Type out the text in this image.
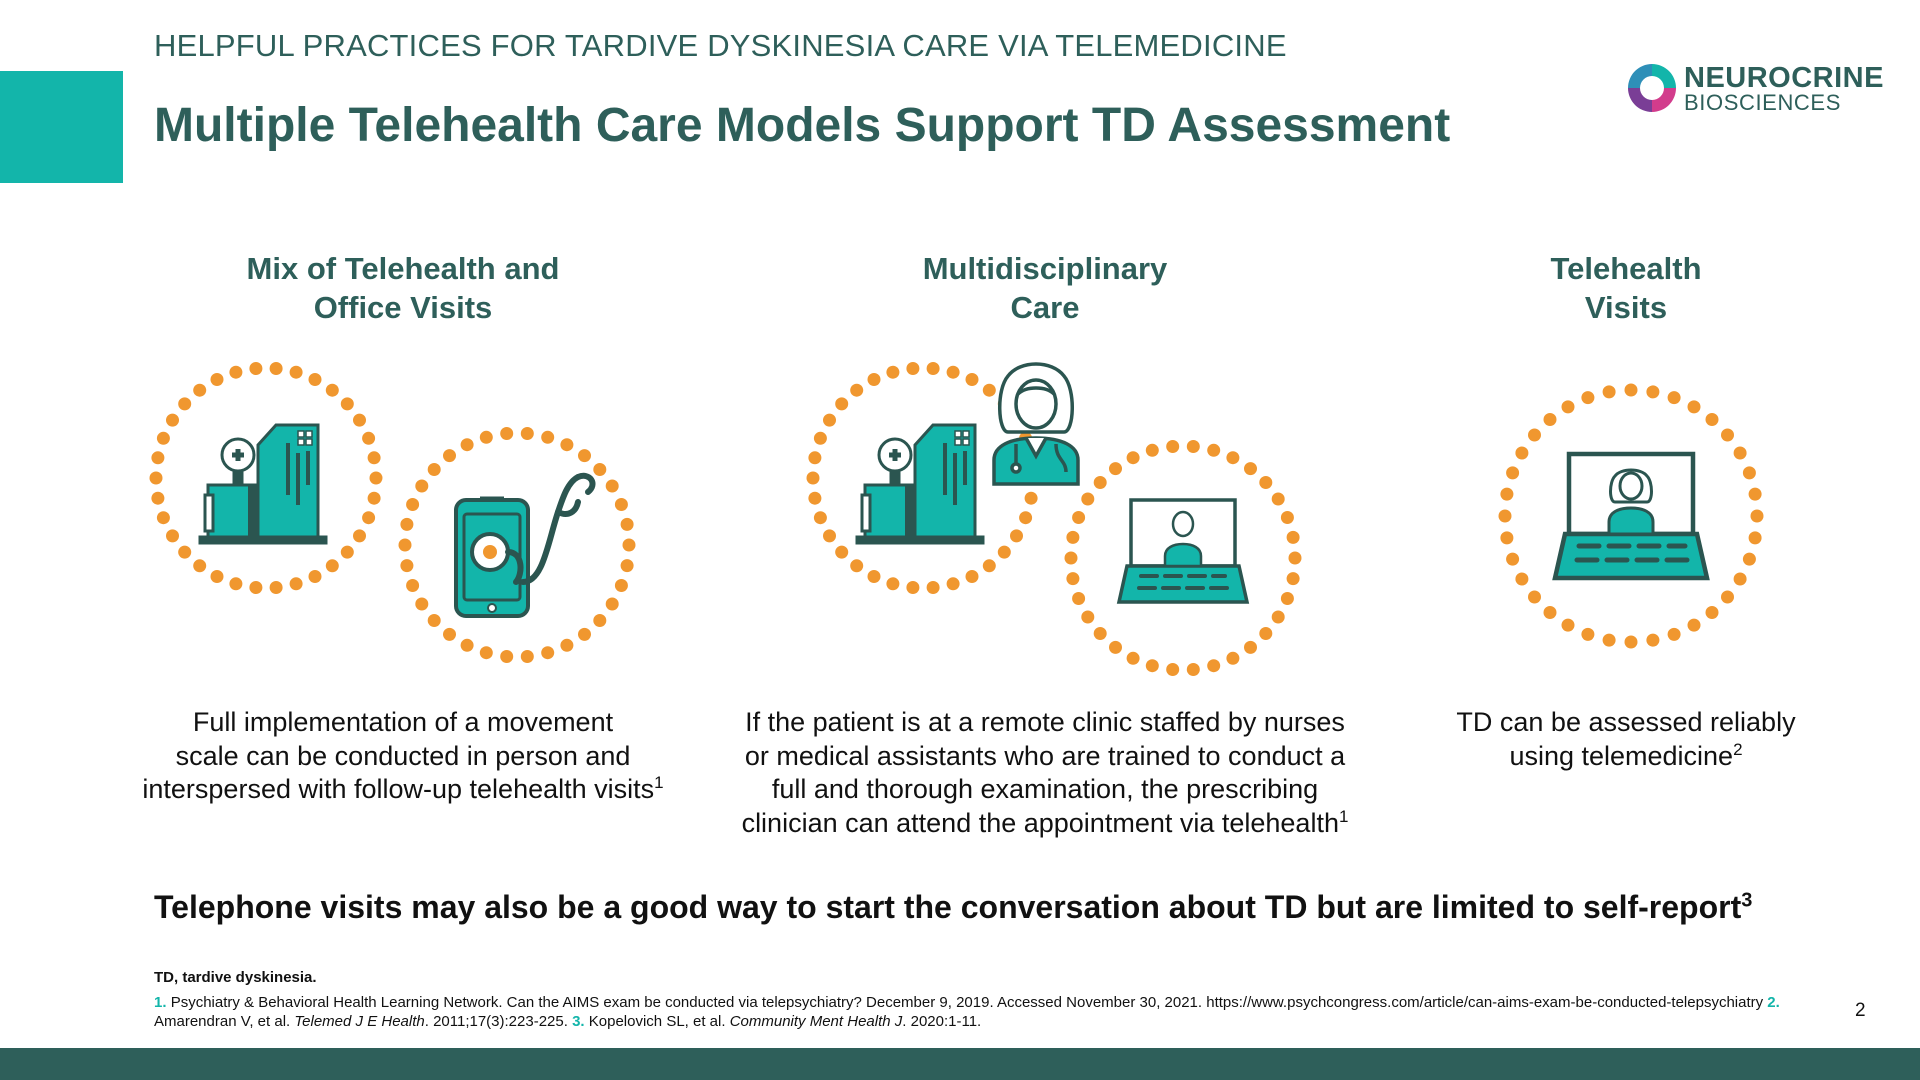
HELPFUL PRACTICES FOR TARDIVE DYSKINESIA CARE VIA TELEMEDICINE
Multiple Telehealth Care Models Support TD Assessment
NEUROCRINE
BIOSCIENCES
Mix of Telehealth and
Office Visits
Multidisciplinary
Care
Telehealth
Visits
Full implementation of a movement
scale can be conducted in person and
interspersed with follow-up telehealth visits$^1$
If the patient is at a remote clinic staffed by nurses
or medical assistants who are trained to conduct a
full and thorough examination, the prescribing
clinician can attend the appointment via telehealth$^1$
TD can be assessed reliably
using telemedicine$^2$
Telephone visits may also be a good way to start the conversation about TD but are limited to self-report$^3$
TD, tardive dyskinesia.
1. Psychiatry & Behavioral Health Learning Network. Can the AIMS exam be conducted via telepsychiatry? December 9, 2019. Accessed November 30, 2021. https://www.psychcongress.com/article/can-aims-exam-be-conducted-telepsychiatry 2. Amarendran V, et al. Telemed J E Health. 2011;17(3):223-225. 3. Kopelovich SL, et al. Community Ment Health J. 2020:1-11.
2
